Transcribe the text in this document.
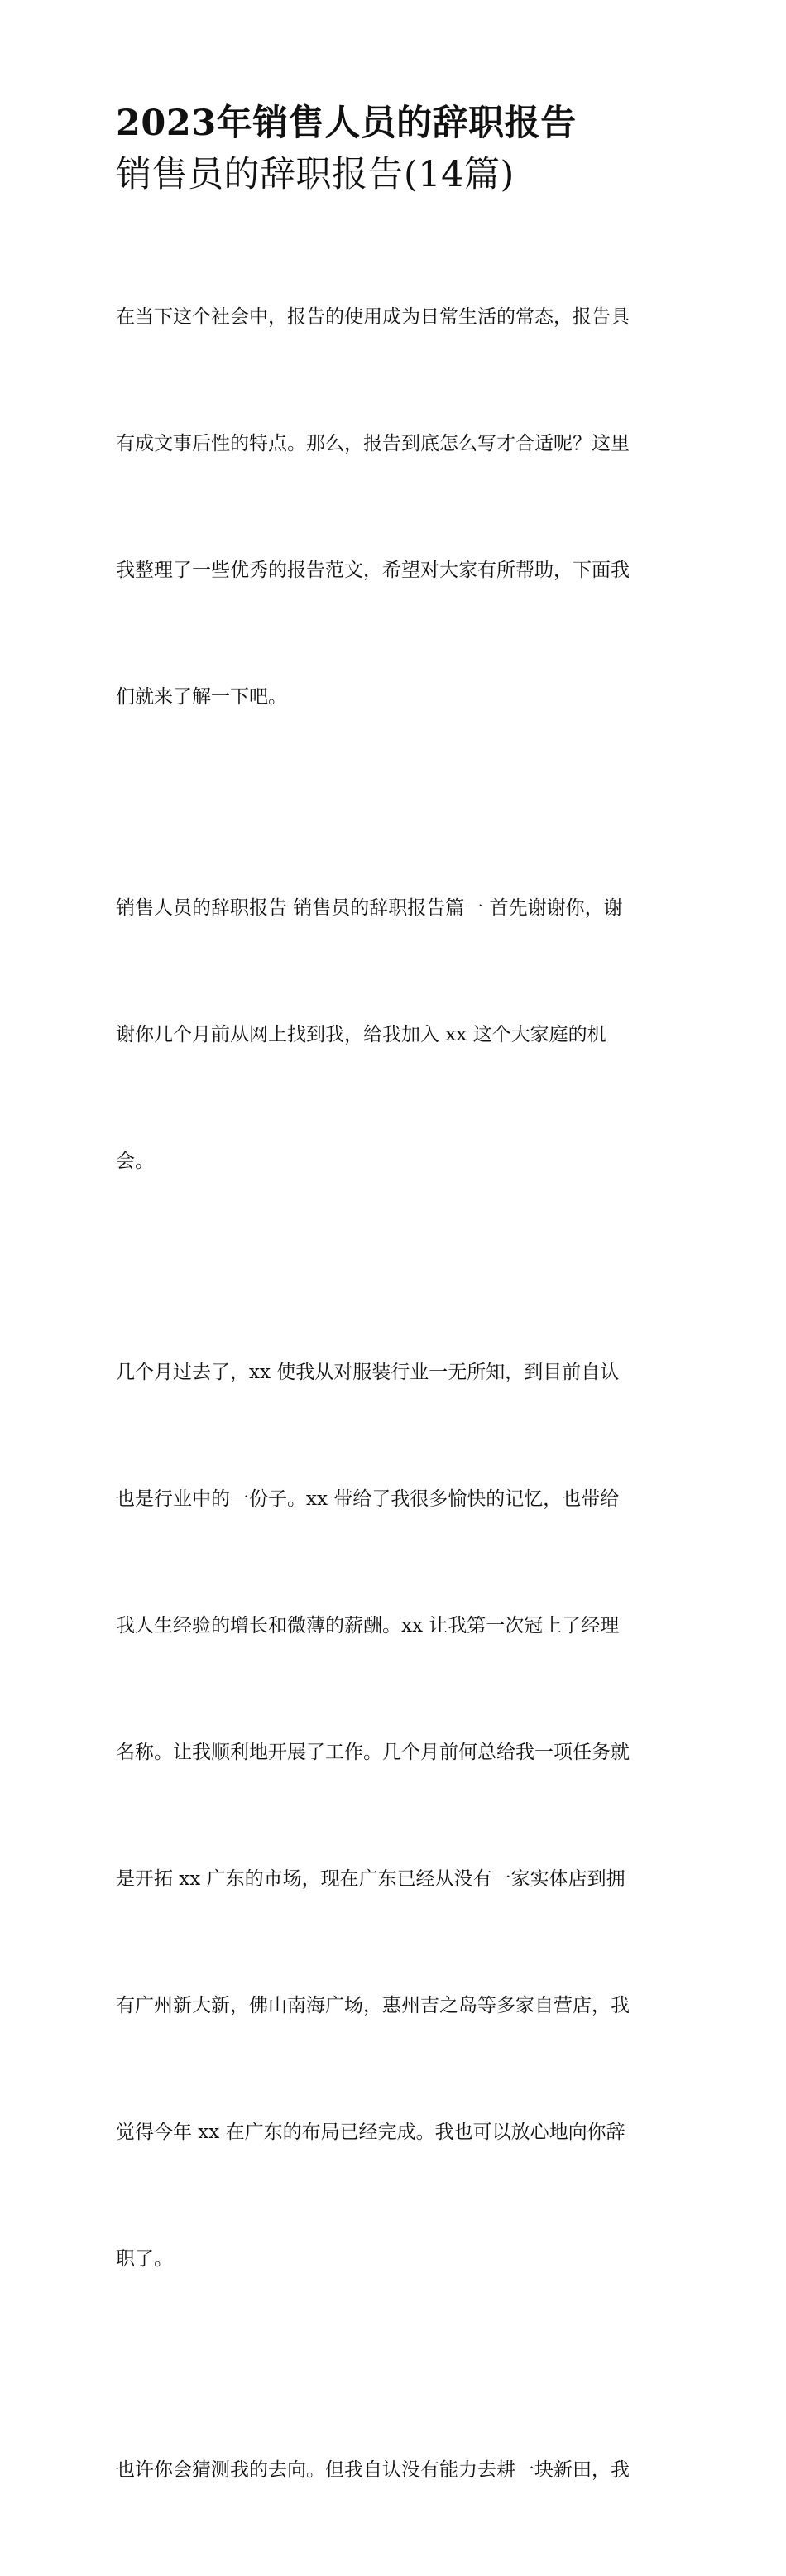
2023年销售人员的辞职报告
销售员的辞职报告(14篇)

在当下这个社会中，报告的使用成为日常生活的常态，报告具

有成文事后性的特点。那么，报告到底怎么写才合适呢？这里

我整理了一些优秀的报告范文，希望对大家有所帮助，下面我

们就来了解一下吧。

销售人员的辞职报告 销售员的辞职报告篇一 首先谢谢你，谢

谢你几个月前从网上找到我，给我加入 xx 这个大家庭的机

会。

几个月过去了，xx 使我从对服装行业一无所知，到目前自认

也是行业中的一份子。xx 带给了我很多愉快的记忆，也带给

我人生经验的增长和微薄的薪酬。xx 让我第一次冠上了经理

名称。让我顺利地开展了工作。几个月前何总给我一项任务就

是开拓 xx 广东的市场，现在广东已经从没有一家实体店到拥

有广州新大新，佛山南海广场，惠州吉之岛等多家自营店，我

觉得今年 xx 在广东的布局已经完成。我也可以放心地向你辞

职了。

也许你会猜测我的去向。但我自认没有能力去耕一块新田，我
